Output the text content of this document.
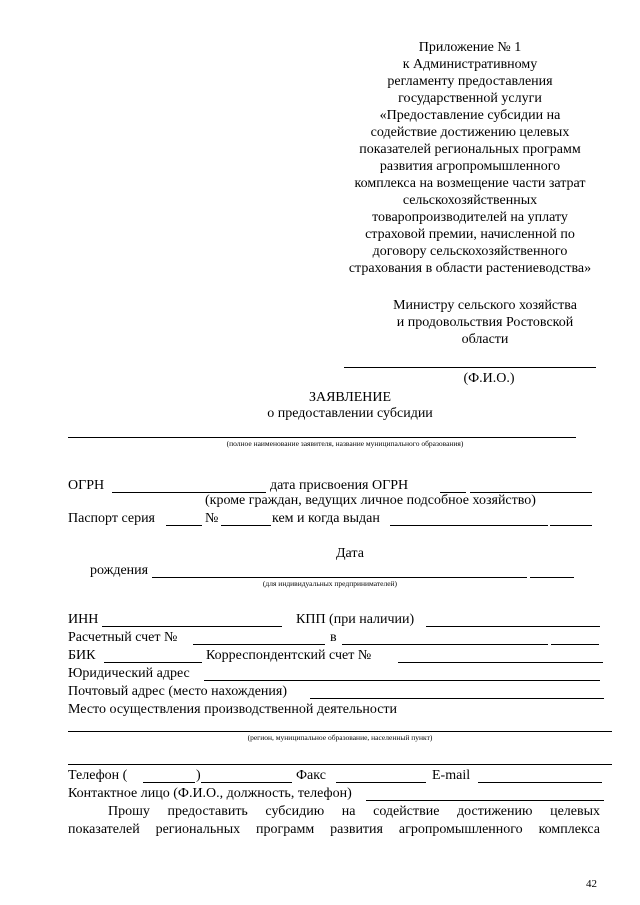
Приложение № 1
к Административному
регламенту предоставления
государственной услуги
«Предоставление субсидии на
содействие достижению целевых
показателей региональных программ
развития агропромышленного
комплекса на возмещение части затрат
сельскохозяйственных
товаропроизводителей на уплату
страховой премии, начисленной по
договору сельскохозяйственного
страхования в области растениеводства»
Министру сельского хозяйства
и продовольствия Ростовской
области
(Ф.И.О.)
ЗАЯВЛЕНИЕ
о предоставлении субсидии
(полное наименование заявителя, название муниципального образования)
ОГРН	дата присвоения ОГРН
(кроме граждан, ведущих личное подсобное хозяйство)
Паспорт серия	№	кем и когда выдан
Дата
рождения
(для индивидуальных предпринимателей)
ИНН	КПП (при наличии)
Расчетный счет №	в
БИК	Корреспондентский счет №
Юридический адрес
Почтовый адрес (место нахождения)
Место осуществления производственной деятельности
(регион, муниципальное образование, населенный пункт)
Телефон (	)	Факс	E-mail
Контактное лицо (Ф.И.О., должность, телефон)
Прошу предоставить субсидию на содействие достижению целевых
показателей региональных программ развития агропромышленного комплекса
42
